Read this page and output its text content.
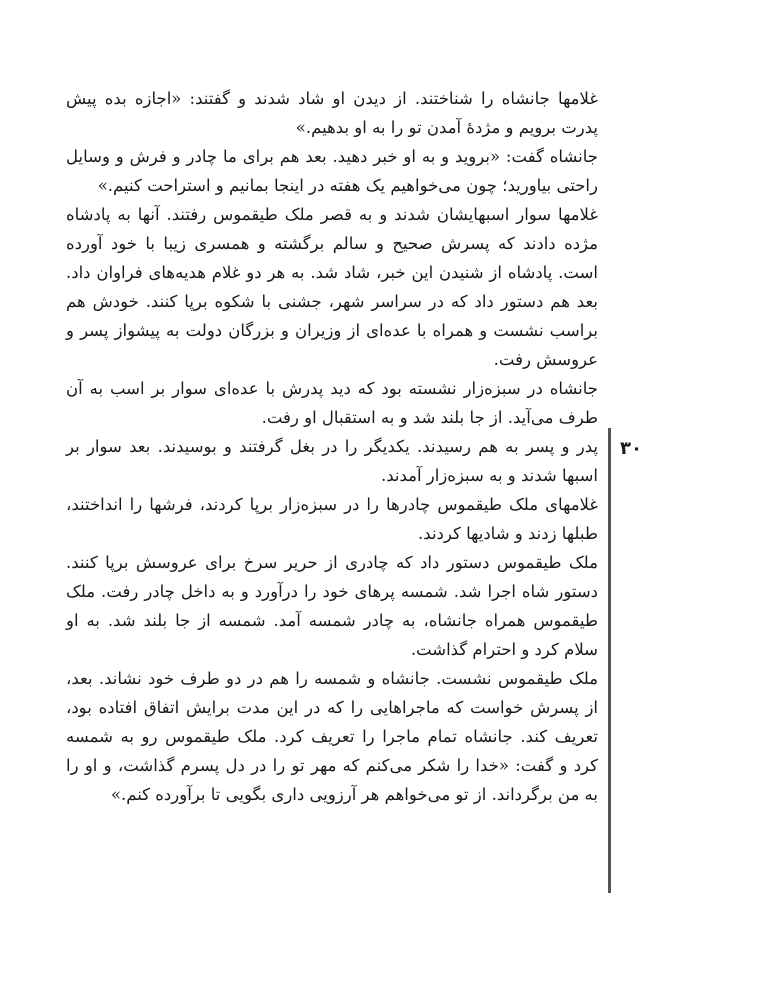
غلامها جانشاه را شناختند. از دیدن او شاد شدند و گفتند: «اجازه بده پیش پدرت برویم و مژدهٔ آمدن تو را به او بدهیم.»

جانشاه گفت: «بروید و به او خبر دهید. بعد هم برای ما چادر و فرش و وسایل راحتی بیاورید؛ چون می‌خواهیم یک هفته در اینجا بمانیم و استراحت کنیم.»

غلامها سوار اسبهایشان شدند و به قصر ملک طیقموس رفتند. آنها به پادشاه مژده دادند که پسرش صحیح و سالم برگشته و همسری زیبا با خود آورده است. پادشاه از شنیدن این خبر، شاد شد. به هر دو غلام هدیه‌های فراوان داد. بعد هم دستور داد که در سراسر شهر، جشنی با شکوه برپا کنند. خودش هم براسب نشست و همراه با عده‌ای از وزیران و بزرگان دولت به پیشواز پسر و عروسش رفت.

جانشاه در سبزه‌زار نشسته بود که دید پدرش با عده‌ای سوار بر اسب به آن طرف می‌آید. از جا بلند شد و به استقبال او رفت.

پدر و پسر به هم رسیدند. یکدیگر را در بغل گرفتند و بوسیدند. بعد سوار بر اسبها شدند و به سبزه‌زار آمدند.

غلامهای ملک طیقموس چادرها را در سبزه‌زار برپا کردند، فرشها را انداختند، طبلها زدند و شادیها کردند.

ملک طیقموس دستور داد که چادری از حریر سرخ برای عروسش برپا کنند. دستور شاه اجرا شد. شمسه پرهای خود را درآورد و به داخل چادر رفت. ملک طیقموس همراه جانشاه، به چادر شمسه آمد. شمسه از جا بلند شد. به او سلام کرد و احترام گذاشت.

ملک طیقموس نشست. جانشاه و شمسه را هم در دو طرف خود نشاند. بعد، از پسرش خواست که ماجراهایی را که در این مدت برایش اتفاق افتاده بود، تعریف کند. جانشاه تمام ماجرا را تعریف کرد. ملک طیقموس رو به شمسه کرد و گفت: «خدا را شکر می‌کنم که مهر تو را در دل پسرم گذاشت، و او را به من برگرداند. از تو می‌خواهم هر آرزویی داری بگویی تا برآورده کنم.»

۳۰
